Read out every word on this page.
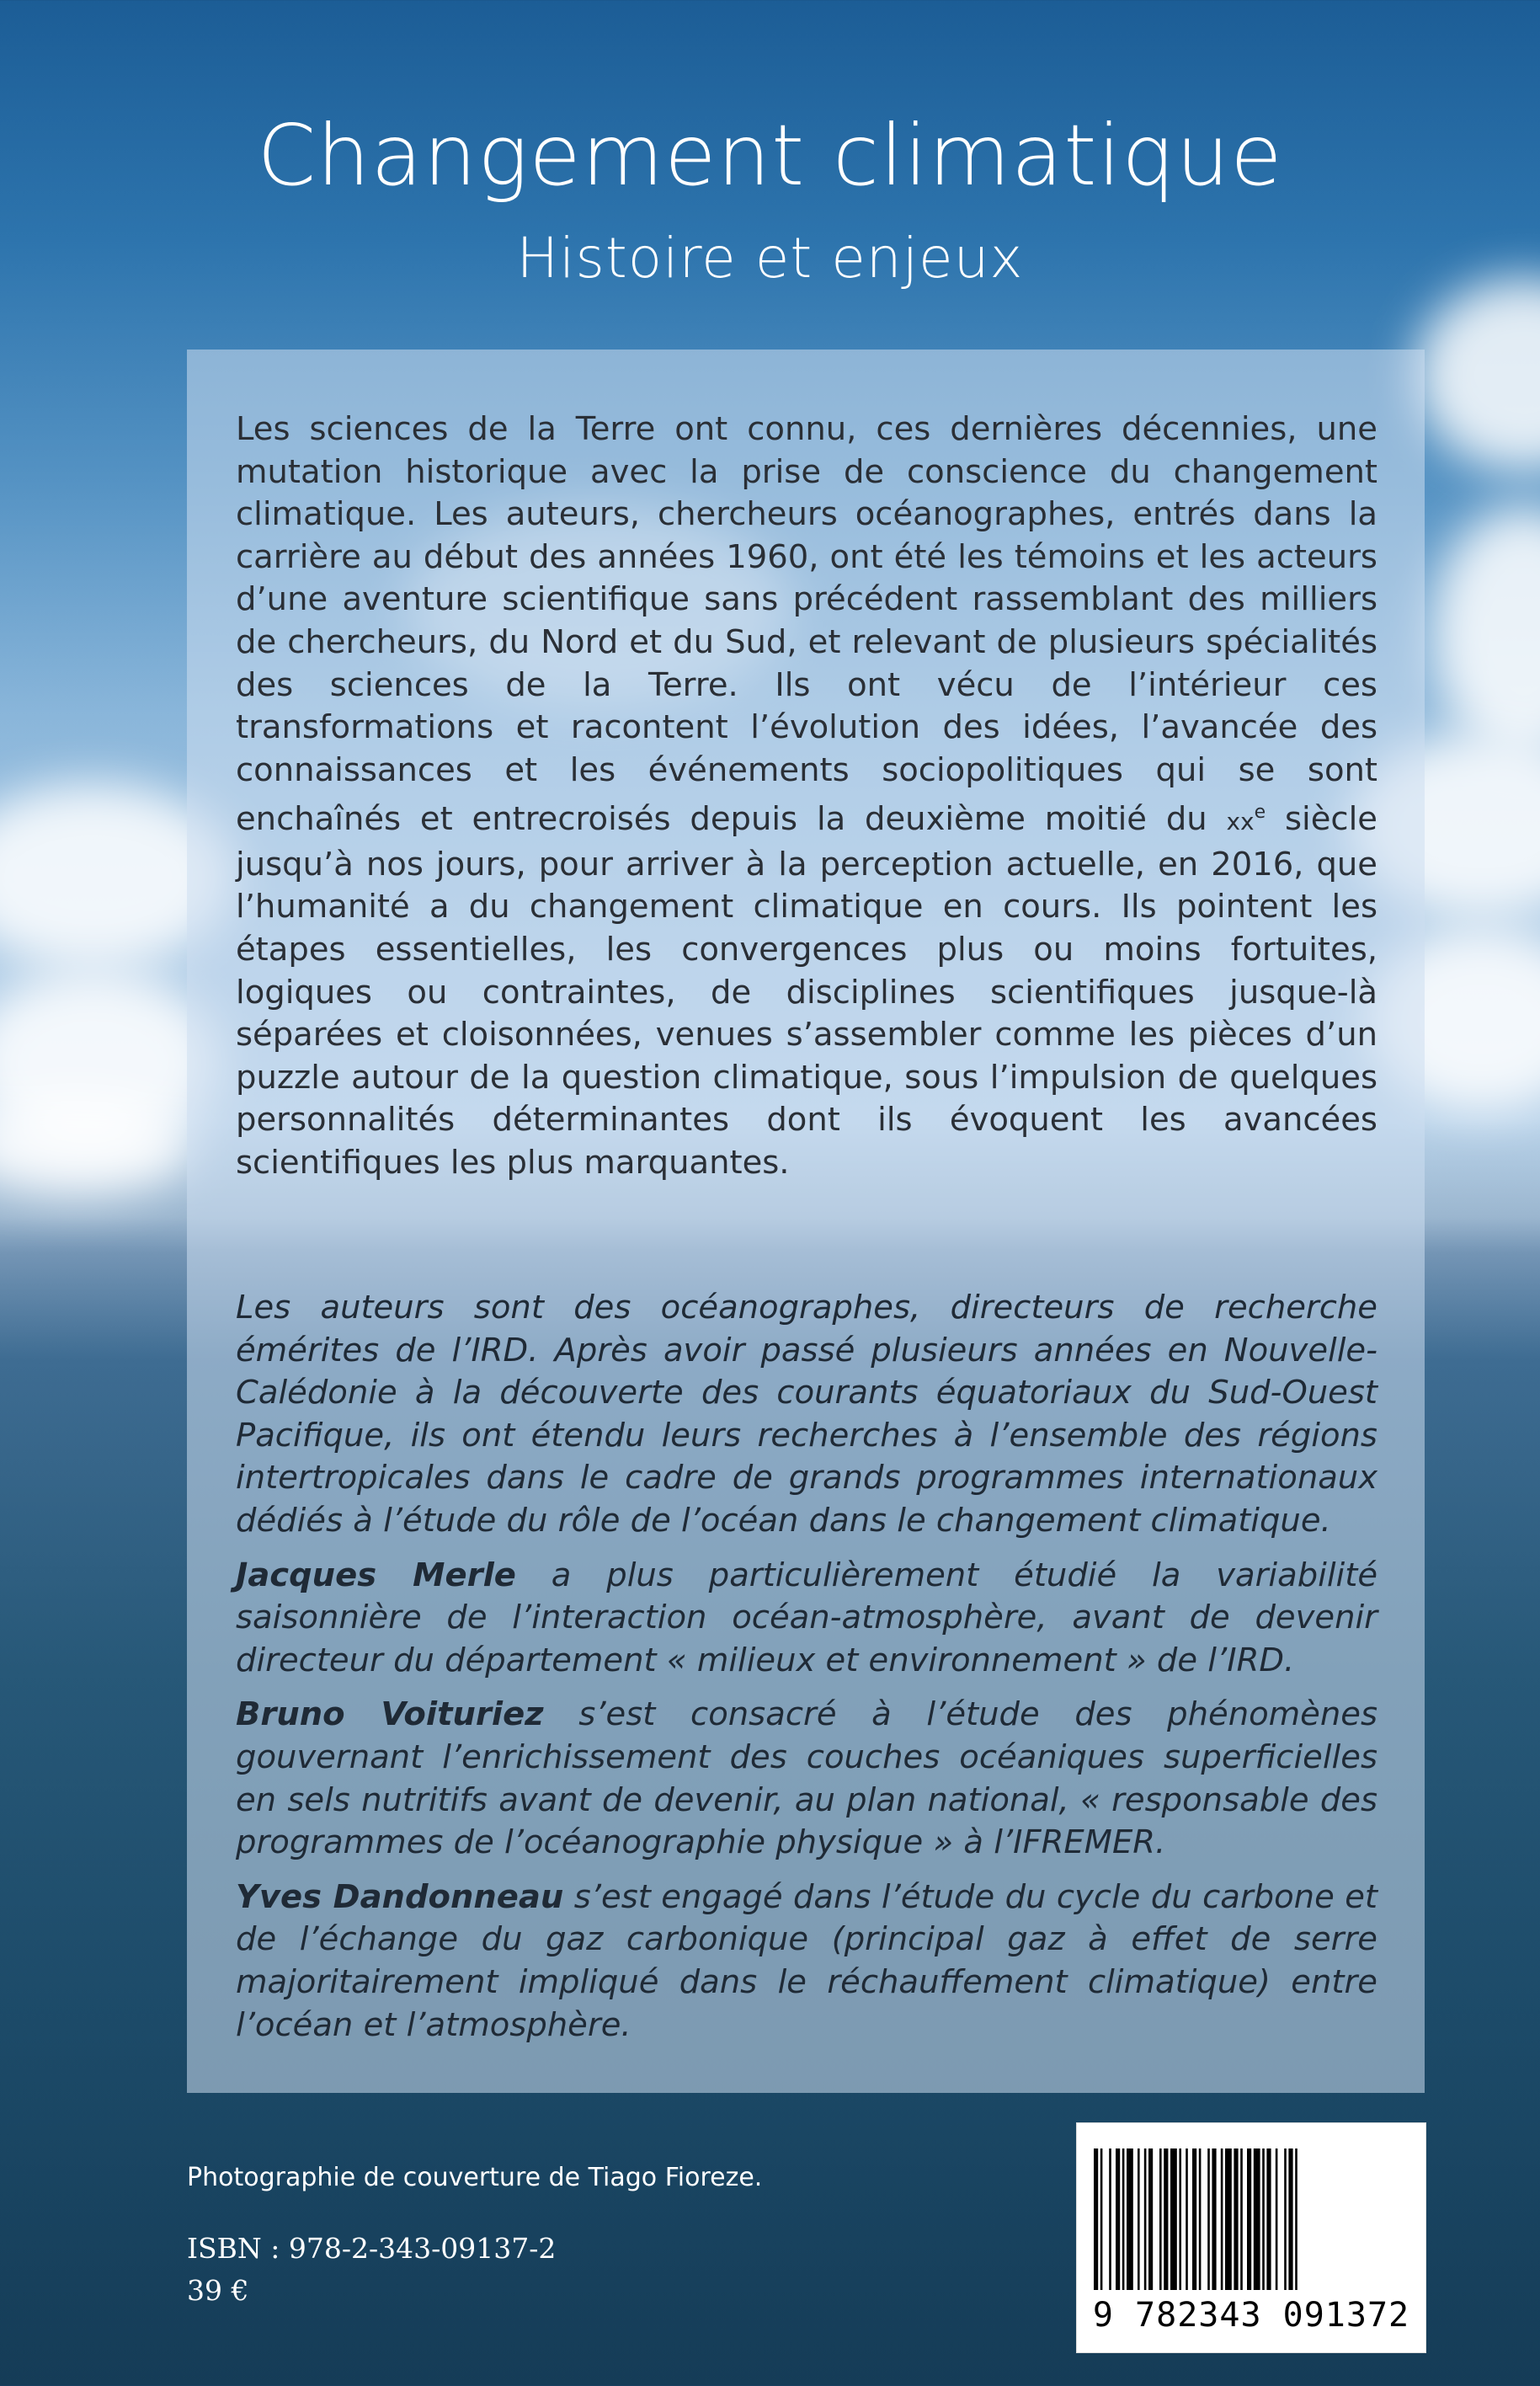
Changement climatique
Histoire et enjeux
Les sciences de la Terre ont connu, ces dernières décennies, une mutation historique avec la prise de conscience du changement climatique. Les auteurs, chercheurs océanographes, entrés dans la carrière au début des années 1960, ont été les témoins et les acteurs d’une aventure scientifique sans précédent rassemblant des milliers de chercheurs, du Nord et du Sud, et relevant de plusieurs spécialités des sciences de la Terre. Ils ont vécu de l’intérieur ces transformations et racontent l’évolution des idées, l’avancée des connaissances et les événements sociopolitiques qui se sont enchaînés et entrecroisés depuis la deuxième moitié du $xx^e$ siècle jusqu’à nos jours, pour arriver à la perception actuelle, en 2016, que l’humanité a du changement climatique en cours. Ils pointent les étapes essentielles, les convergences plus ou moins fortuites, logiques ou contraintes, de disciplines scientifiques jusque-là séparées et cloisonnées, venues s’assembler comme les pièces d’un puzzle autour de la question climatique, sous l’impulsion de quelques personnalités déterminantes dont ils évoquent les avancées scientifiques les plus marquantes.

Les auteurs sont des océanographes, directeurs de recherche émérites de l’IRD. Après avoir passé plusieurs années en Nouvelle-Calédonie à la découverte des courants équatoriaux du Sud-Ouest Pacifique, ils ont étendu leurs recherches à l’ensemble des régions intertropicales dans le cadre de grands programmes internationaux dédiés à l’étude du rôle de l’océan dans le changement climatique.

Jacques Merle a plus particulièrement étudié la variabilité saisonnière de l’interaction océan-atmosphère, avant de devenir directeur du département « milieux et environnement » de l’IRD.

Bruno Voituriez s’est consacré à l’étude des phénomènes gouvernant l’enrichissement des couches océaniques superficielles en sels nutritifs avant de devenir, au plan national, « responsable des programmes de l’océanographie physique » à l’IFREMER.

Yves Dandonneau s’est engagé dans l’étude du cycle du carbone et de l’échange du gaz carbonique (principal gaz à effet de serre majoritairement impliqué dans le réchauffement climatique) entre l’océan et l’atmosphère.

Photographie de couverture de Tiago Fioreze.
ISBN : 978-2-343-09137-2
39 €
9 782343 091372
